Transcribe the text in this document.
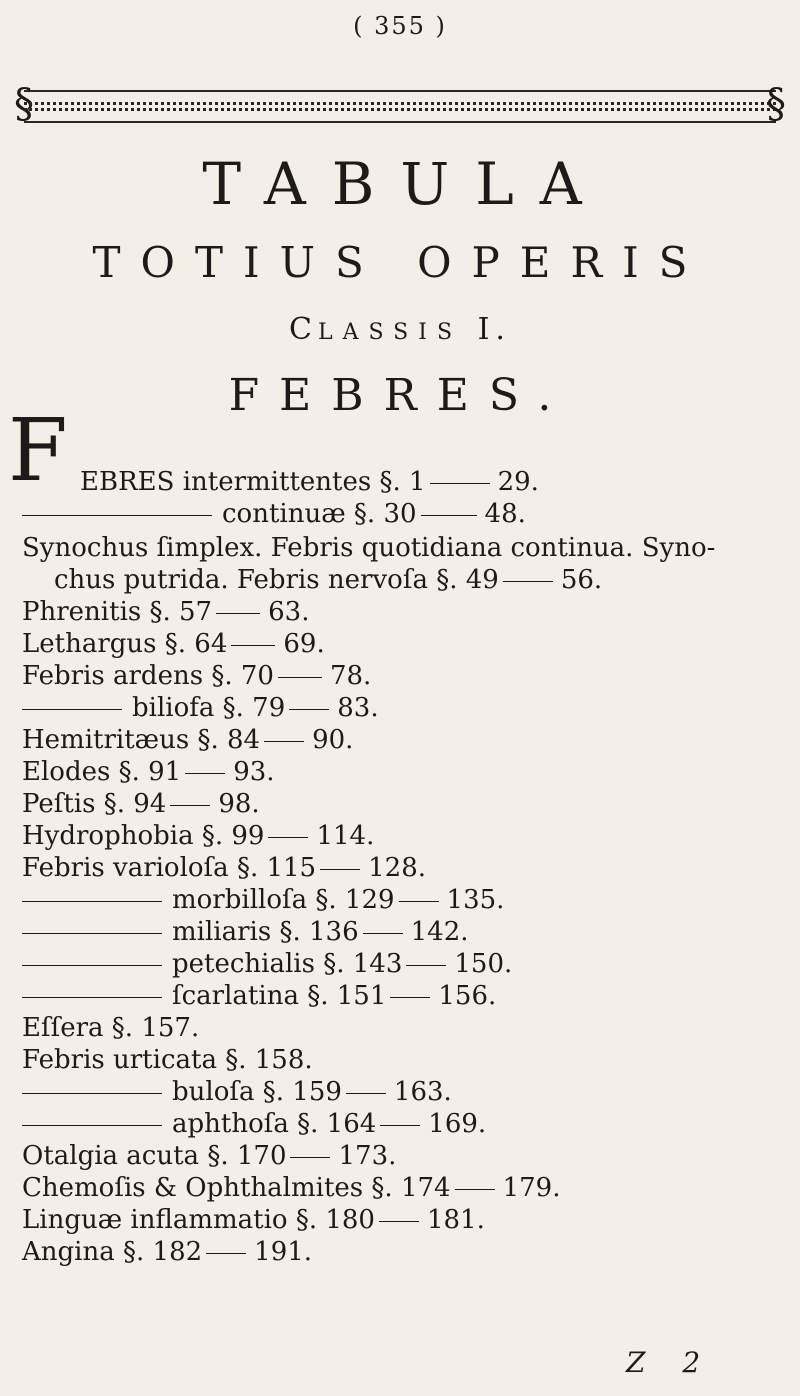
( 355 )
§	§
TABULA
TOTIUS OPERIS
CLASSIS I.
FEBRES.
F EBRES intermittentes §. 1	29.
continuæ §. 30	48.
Synochus ſimplex. Febris quotidiana continua. Syno-
chus putrida. Febris nervoſa §. 49 56.
Phrenitis §. 57 63.
Lethargus §. 64 69.
Febris ardens §. 70 78.
biliofa §. 79 83.
Hemitritæus §. 84 90.
Elodes §. 91 93.
Peſtis §. 94 98.
Hydrophobia §. 99 114.
Febris varioloſa §. 115 128.
morbilloſa §. 129 135.
miliaris §. 136 142.
petechialis §. 143 150.
ſcarlatina §. 151 156.
Eſſera §. 157.
Febris urticata §. 158.
buloſa §. 159 163.
aphthoſa §. 164 169.
Otalgia acuta §. 170 173.
Chemoſis & Ophthalmites §. 174 179.
Linguæ inflammatio §. 180 181.
Angina §. 182 191.
Z 2
